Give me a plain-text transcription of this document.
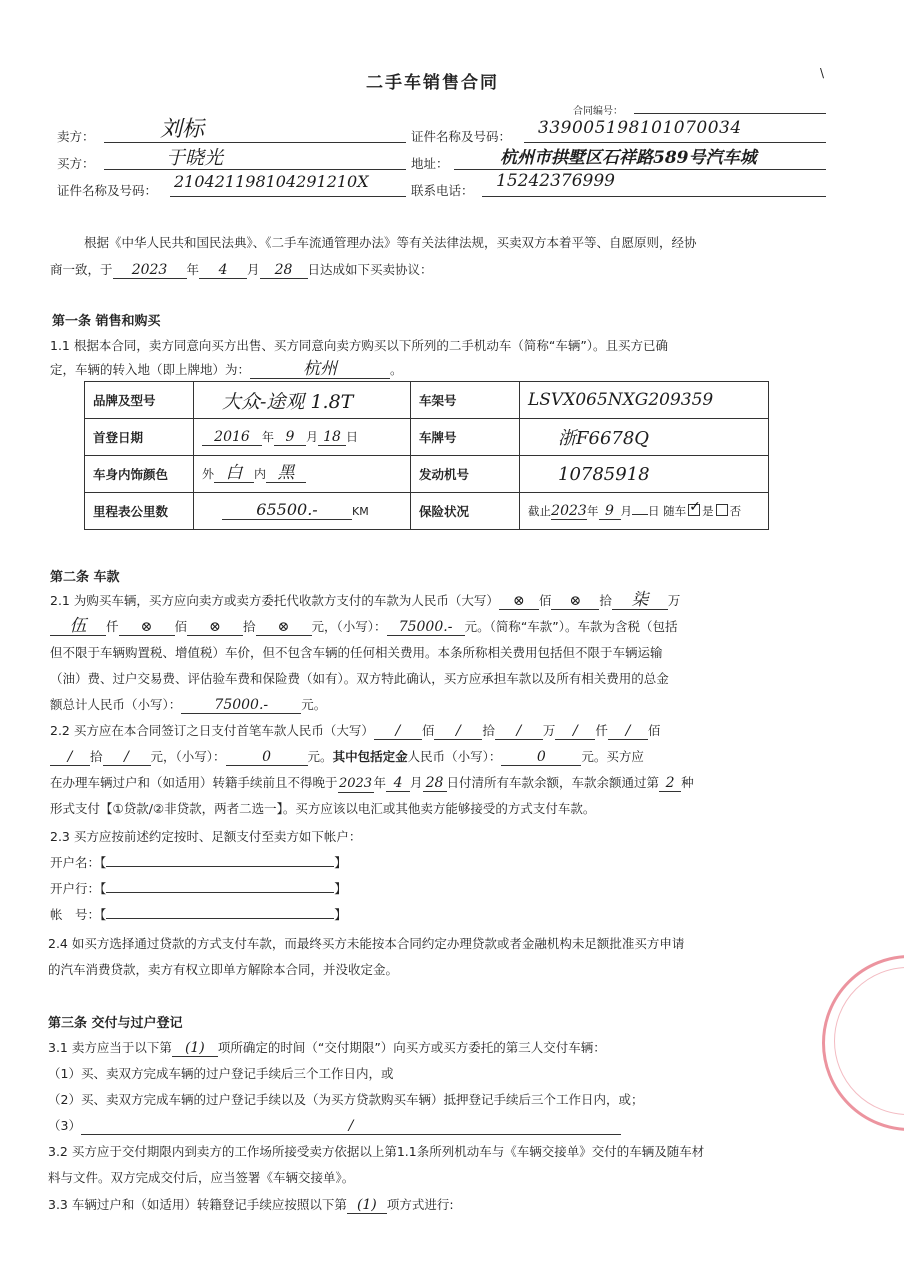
二手车销售合同	\
合同编号：
卖方：	刘标	证件名称及号码： 339005198101070034
买方：	于晓光	地址：	杭州市拱墅区石祥路589号汽车城
证件名称及号码： 210421198104291210X	联系电话： 15242376999
根据《中华人民共和国民法典》、《二手车流通管理办法》等有关法律法规，买卖双方本着平等、自愿原则，经协
商一致，于 2023 年 4 月 28 日达成如下买卖协议：
第一条 销售和购买
1.1 根据本合同，卖方同意向买方出售、买方同意向卖方购买以下所列的二手机动车（简称“车辆”）。且买方已确
定，车辆的转入地（即上牌地）为：	杭州	。
品牌及型号	大众-途观 1.8T	车架号	LSVX065NXG209359
首登日期	2016 年 9 月 18 日	车牌号	浙F6678Q
车身内饰颜色	外 白 内 黑	发动机号	10785918
里程表公里数	65500.- KM	保险状况	截止2023年 9 月 日 随车 ✓ 是 否
第二条 车款
2.1 为购买车辆，买方应向卖方或卖方委托代收款方支付的车款为人民币（大写） ⊗ 佰 ⊗ 拾 柒 万
伍 仟 ⊗ 佰 ⊗ 拾 ⊗ 元，（小写）： 75000.- 元。（简称“车款”）。车款为含税（包括
但不限于车辆购置税、增值税）车价，但不包含车辆的任何相关费用。本条所称相关费用包括但不限于车辆运输
（油）费、过户交易费、评估验车费和保险费（如有）。双方特此确认，买方应承担车款以及所有相关费用的总金
额总计人民币（小写）： 75000.-	元。
2.2 买方应在本合同签订之日支付首笔车款人民币（大写） / 佰 / 拾 / 万 / 仟 / 佰
/ 拾 / 元，（小写）：	0	元。其中包括定金人民币（小写）：	0	元。买方应
在办理车辆过户和（如适用）转籍手续前且不得晚于2023年 4 月 28 日付清所有车款余额，车款余额通过第 2 种
形式支付【①贷款/②非贷款，两者二选一】。买方应该以电汇或其他卖方能够接受的方式支付车款。
2.3 买方应按前述约定按时、足额支付至卖方如下帐户：
开户名：【	】
开户行：【	】
帐　号：【	】
2.4 如买方选择通过贷款的方式支付车款，而最终买方未能按本合同约定办理贷款或者金融机构未足额批准买方申请
的汽车消费贷款，卖方有权立即单方解除本合同，并没收定金。
第三条 交付与过户登记
3.1 卖方应当于以下第 (1) 项所确定的时间（“交付期限”）向买方或买方委托的第三人交付车辆：
（1）买、卖双方完成车辆的过户登记手续后三个工作日内，或
（2）买、卖双方完成车辆的过户登记手续以及（为买方贷款购买车辆）抵押登记手续后三个工作日内，或；
（3）	/
3.2 买方应于交付期限内到卖方的工作场所接受卖方依据以上第1.1条所列机动车与《车辆交接单》交付的车辆及随车材
料与文件。双方完成交付后，应当签署《车辆交接单》。
3.3 车辆过户和（如适用）转籍登记手续应按照以下第 (1) 项方式进行:
